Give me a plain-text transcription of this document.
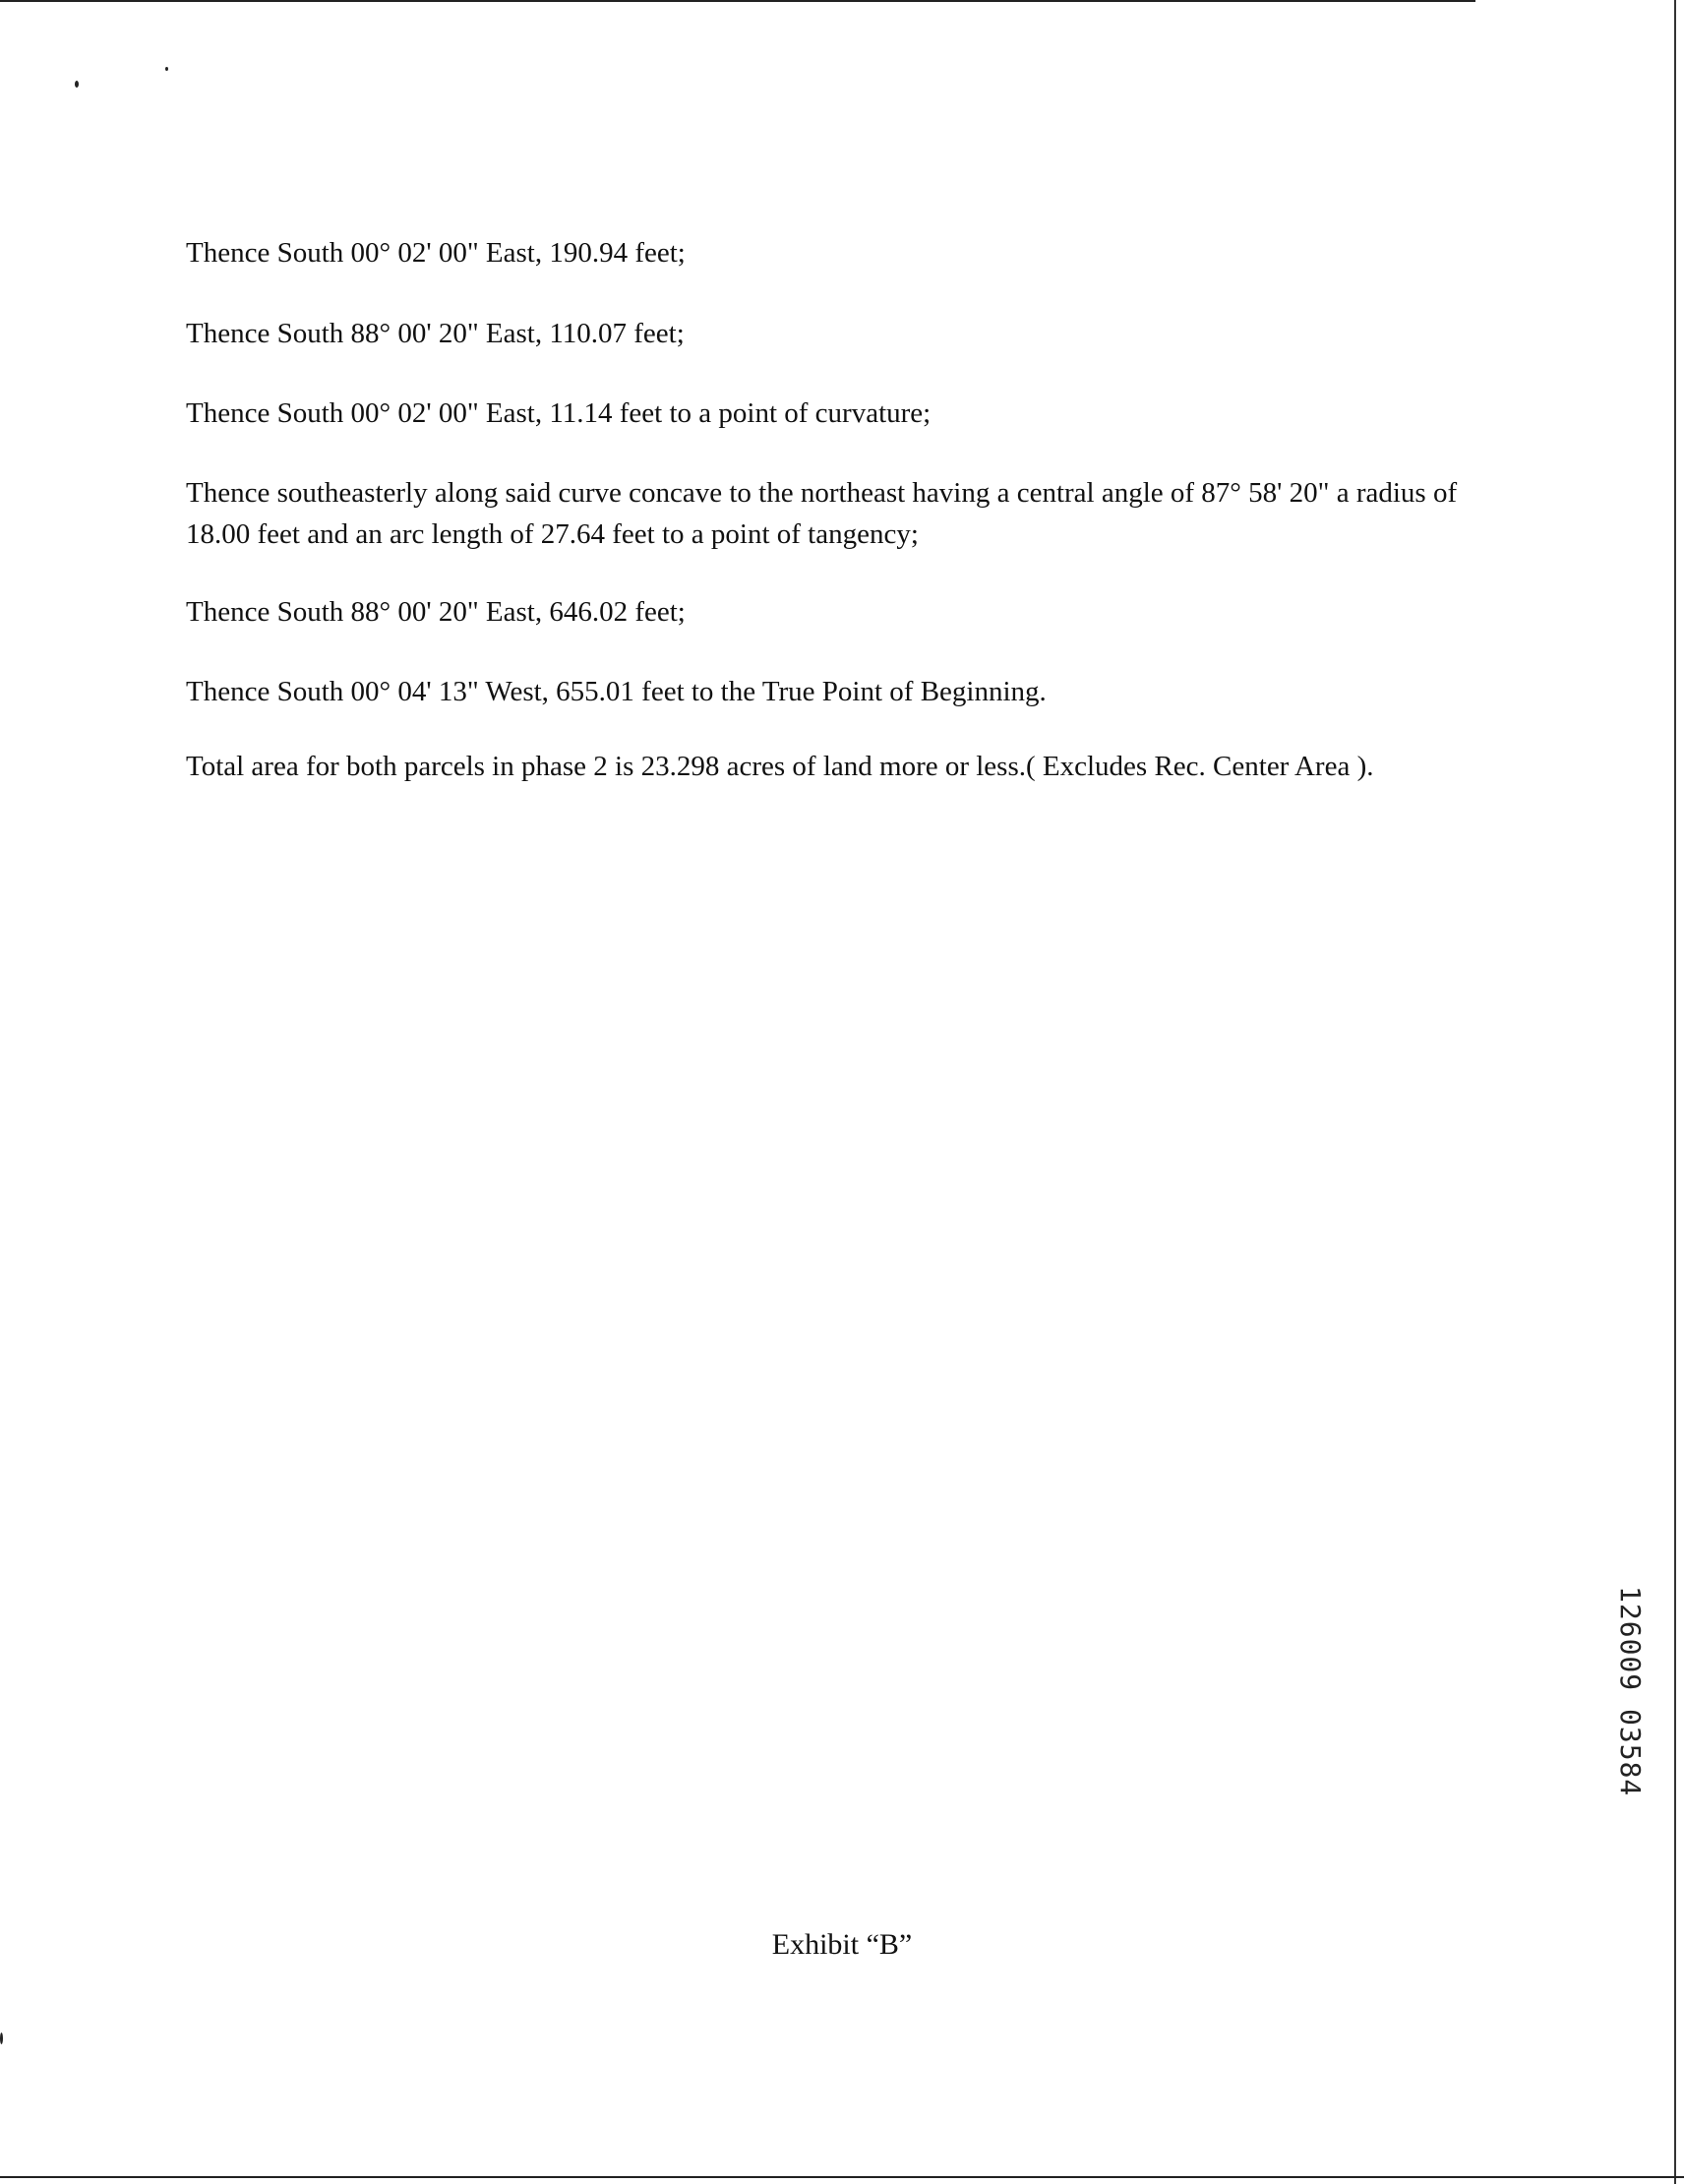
Thence South 00° 02' 00" East, 190.94 feet;

Thence South 88° 00' 20" East, 110.07 feet;

Thence South 00° 02' 00" East, 11.14 feet to a point of curvature;

Thence southeasterly along said curve concave to the northeast having a central angle of 87° 58' 20" a radius of 18.00 feet and an arc length of 27.64 feet to a point of tangency;

Thence South 88° 00' 20" East, 646.02 feet;

Thence South 00° 04' 13" West, 655.01 feet to the True Point of Beginning.

Total area for both parcels in phase 2 is 23.298 acres of land more or less.( Excludes Rec. Center Area ).

126009 03584
Exhibit “B”
